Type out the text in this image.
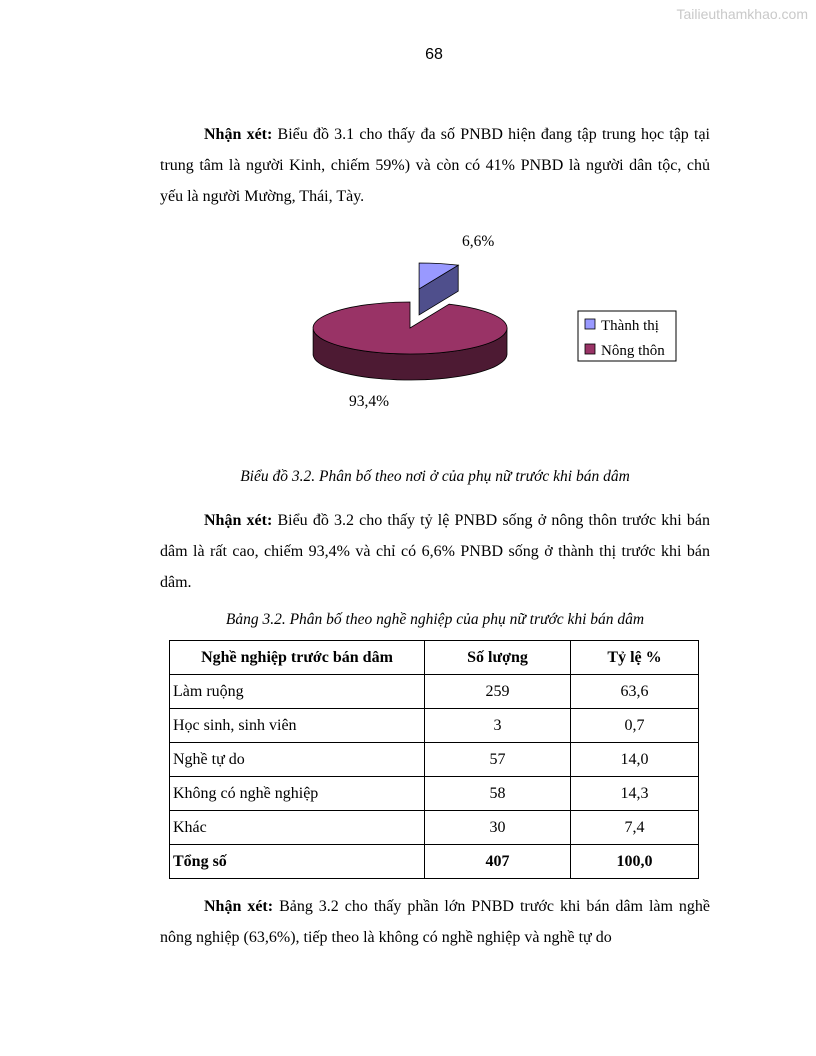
Tailieuthamkhao.com
68

Nhận xét: Biểu đồ 3.1 cho thấy đa số PNBD hiện đang tập trung học tập tại trung tâm là người Kinh, chiếm 59%) và còn có 41% PNBD là người dân tộc, chủ yếu là người Mường, Thái, Tày.

6,6%
93,4%
Thành thị
Nông thôn
Biểu đồ 3.2. Phân bố theo nơi ở của phụ nữ trước khi bán dâm

Nhận xét: Biểu đồ 3.2 cho thấy tỷ lệ PNBD sống ở nông thôn trước khi bán dâm là rất cao, chiếm 93,4% và chỉ có 6,6% PNBD sống ở thành thị trước khi bán dâm.

Bảng 3.2. Phân bố theo nghề nghiệp của phụ nữ trước khi bán dâm
Nghề nghiệp trước bán dâm	Số lượng	Tỷ lệ %
Làm ruộng	259	63,6
Học sinh, sinh viên	3	0,7
Nghề tự do	57	14,0
Không có nghề nghiệp	58	14,3
Khác	30	7,4
Tổng số	407	100,0

Nhận xét: Bảng 3.2 cho thấy phần lớn PNBD trước khi bán dâm làm nghề nông nghiệp (63,6%), tiếp theo là không có nghề nghiệp và nghề tự do
